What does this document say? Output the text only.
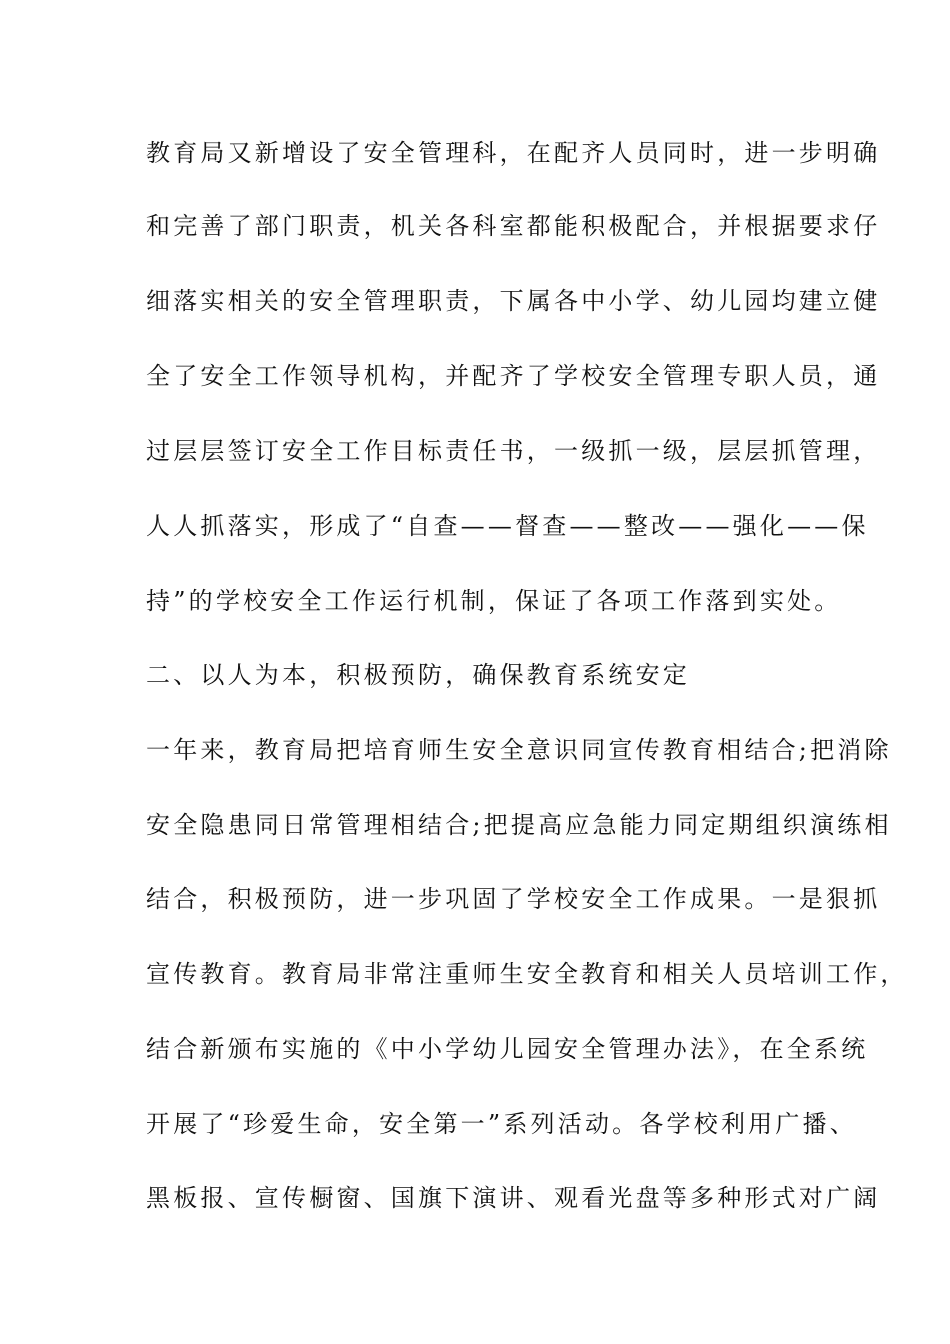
教育局又新增设了安全管理科，在配齐人员同时，进一步明确

和完善了部门职责，机关各科室都能积极配合，并根据要求仔

细落实相关的安全管理职责，下属各中小学、幼儿园均建立健

全了安全工作领导机构，并配齐了学校安全管理专职人员，通

过层层签订安全工作目标责任书，一级抓一级，层层抓管理，

人人抓落实，形成了“自查——督查——整改——强化——保

持”的学校安全工作运行机制，保证了各项工作落到实处。

二、以人为本，积极预防，确保教育系统安定

一年来，教育局把培育师生安全意识同宣传教育相结合;把消除

安全隐患同日常管理相结合;把提高应急能力同定期组织演练相

结合，积极预防，进一步巩固了学校安全工作成果。一是狠抓

宣传教育。教育局非常注重师生安全教育和相关人员培训工作，

结合新颁布实施的《中小学幼儿园安全管理办法》，在全系统

开展了“珍爱生命，安全第一”系列活动。各学校利用广播、

黑板报、宣传橱窗、国旗下演讲、观看光盘等多种形式对广阔
